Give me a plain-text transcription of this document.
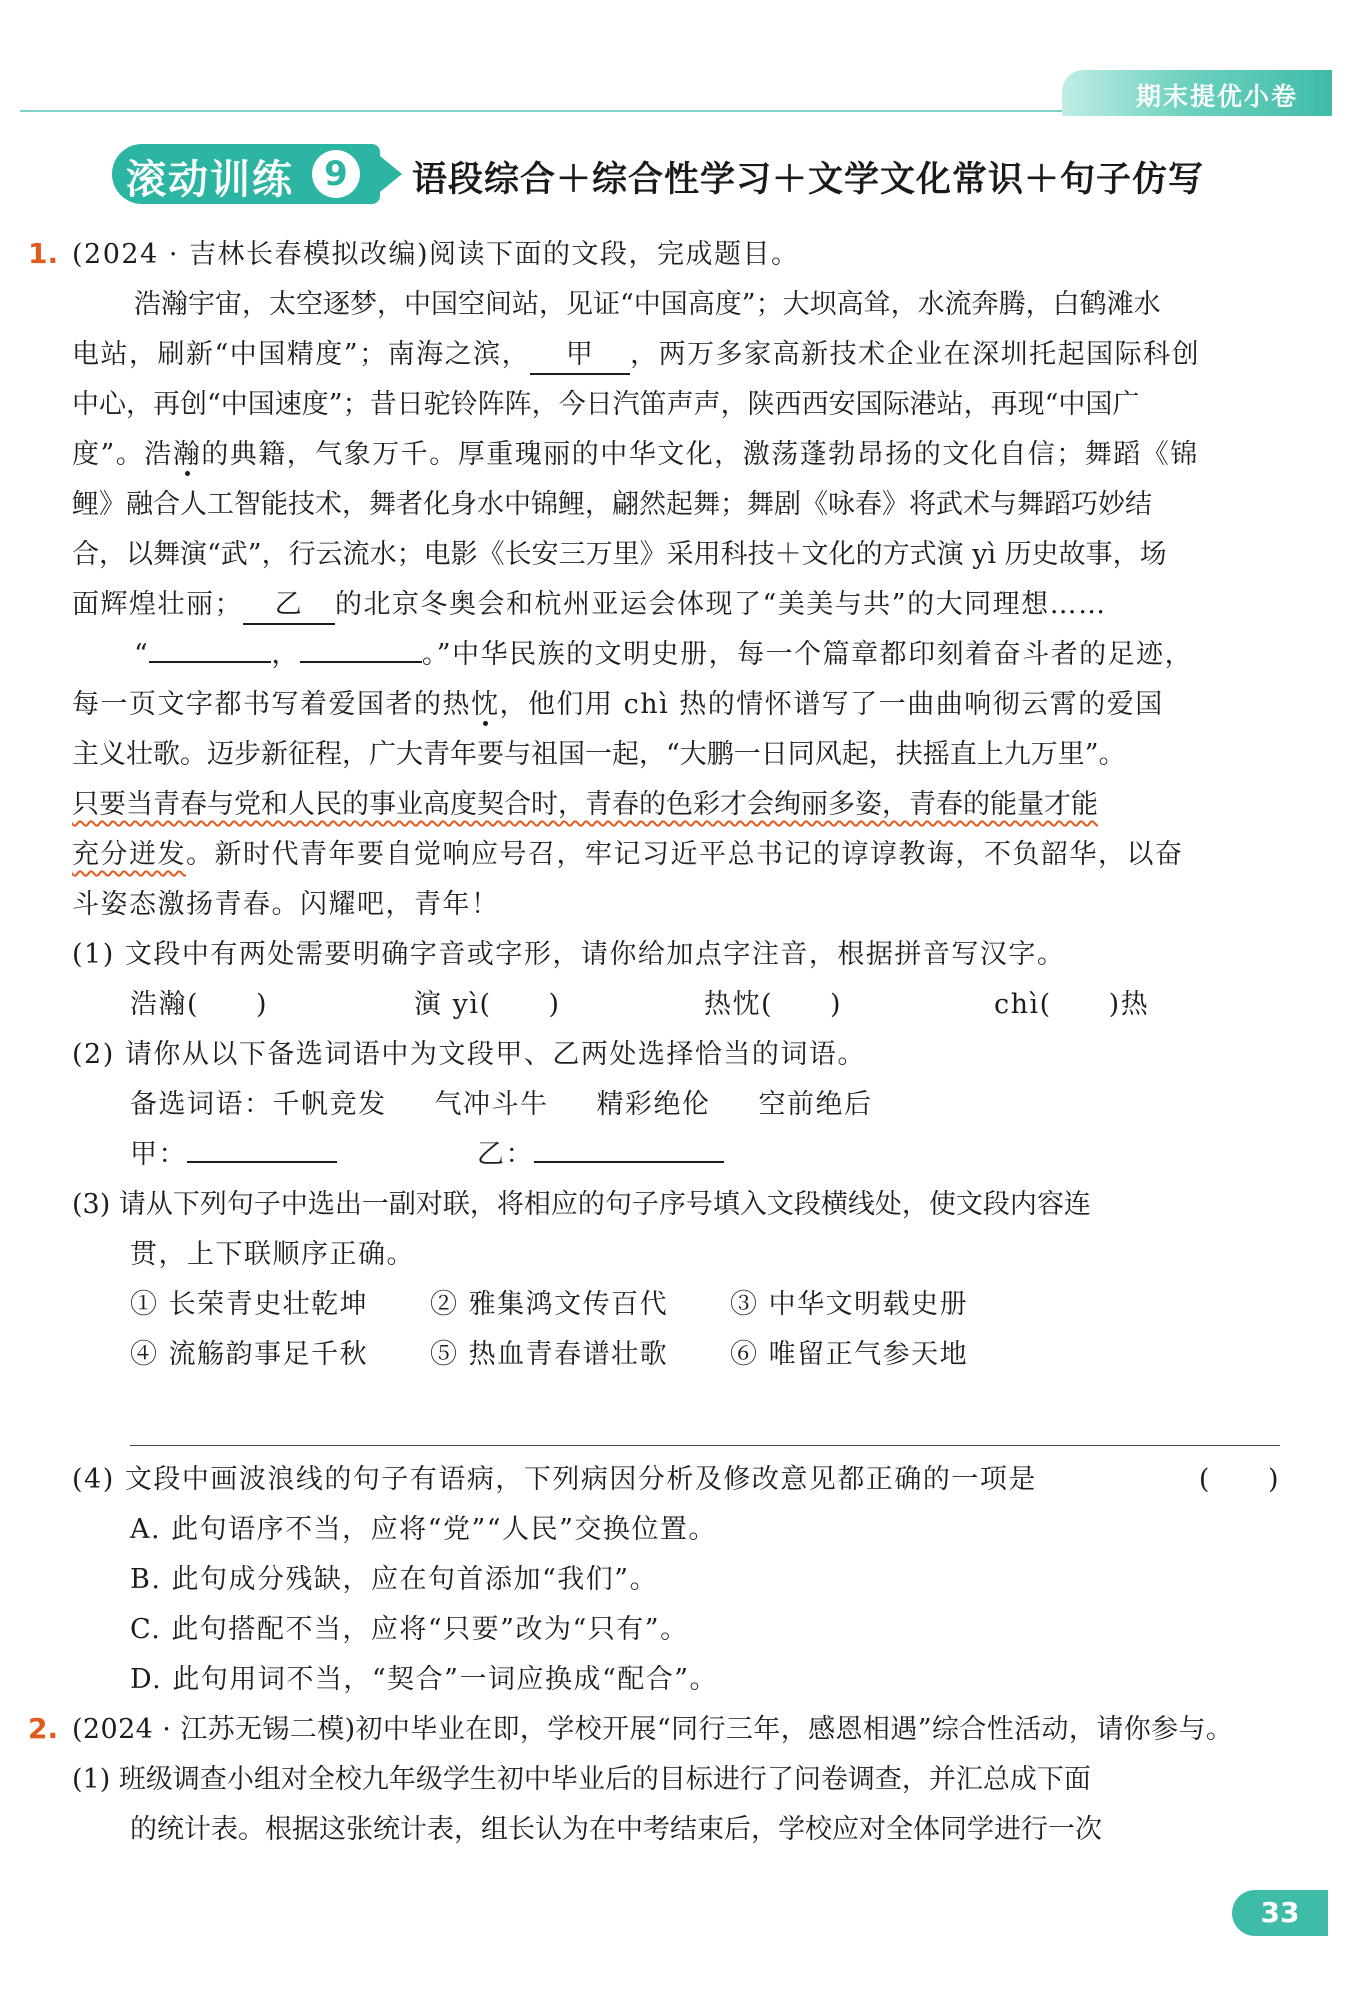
期末提优小卷
滚动训练 9	语段综合＋综合性学习＋文学文化常识＋句子仿写
1. (2024 · 吉林长春模拟改编)阅读下面的文段，完成题目。
浩瀚宇宙，太空逐梦，中国空间站，见证“中国高度”；大坝高耸，水流奔腾，白鹤滩水
电站，刷新“中国精度”；南海之滨， 甲 ，两万多家高新技术企业在深圳托起国际科创
中心，再创“中国速度”；昔日驼铃阵阵，今日汽笛声声，陕西西安国际港站，再现“中国广
度”。浩瀚的典籍，气象万千。厚重瑰丽的中华文化，激荡蓬勃昂扬的文化自信；舞蹈《锦
鲤》融合人工智能技术，舞者化身水中锦鲤，翩然起舞；舞剧《咏春》将武术与舞蹈巧妙结
合，以舞演“武”，行云流水；电影《长安三万里》采用科技＋文化的方式演 yì 历史故事，场
面辉煌壮丽； 乙 的北京冬奥会和杭州亚运会体现了“美美与共”的大同理想……
“	，	。”中华民族的文明史册，每一个篇章都印刻着奋斗者的足迹，
每一页文字都书写着爱国者的热忱，他们用 chì 热的情怀谱写了一曲曲响彻云霄的爱国
主义壮歌。迈步新征程，广大青年要与祖国一起，“大鹏一日同风起，扶摇直上九万里”。
只要当青春与党和人民的事业高度契合时，青春的色彩才会绚丽多姿，青春的能量才能
充分迸发。新时代青年要自觉响应号召，牢记习近平总书记的谆谆教诲，不负韶华，以奋
斗姿态激扬青春。闪耀吧，青年！
(1) 文段中有两处需要明确字音或字形，请你给加点字注音，根据拼音写汉字。
浩瀚(　　)	演 yì(　　)	热忱(　　)	chì(　　)热
(2) 请你从以下备选词语中为文段甲、乙两处选择恰当的词语。
备选词语：千帆竞发 气冲斗牛 精彩绝伦 空前绝后
甲：	乙：
(3) 请从下列句子中选出一副对联，将相应的句子序号填入文段横线处，使文段内容连
贯，上下联顺序正确。
① 长荣青史壮乾坤 ② 雅集鸿文传百代 ③ 中华文明载史册
④ 流觞韵事足千秋 ⑤ 热血青春谱壮歌 ⑥ 唯留正气参天地
(4) 文段中画波浪线的句子有语病，下列病因分析及修改意见都正确的一项是	(　　)
A. 此句语序不当，应将“党”“人民”交换位置。
B. 此句成分残缺，应在句首添加“我们”。
C. 此句搭配不当，应将“只要”改为“只有”。
D. 此句用词不当，“契合”一词应换成“配合”。
2. (2024 · 江苏无锡二模)初中毕业在即，学校开展“同行三年，感恩相遇”综合性活动，请你参与。
(1) 班级调查小组对全校九年级学生初中毕业后的目标进行了问卷调查，并汇总成下面
的统计表。根据这张统计表，组长认为在中考结束后，学校应对全体同学进行一次
33
